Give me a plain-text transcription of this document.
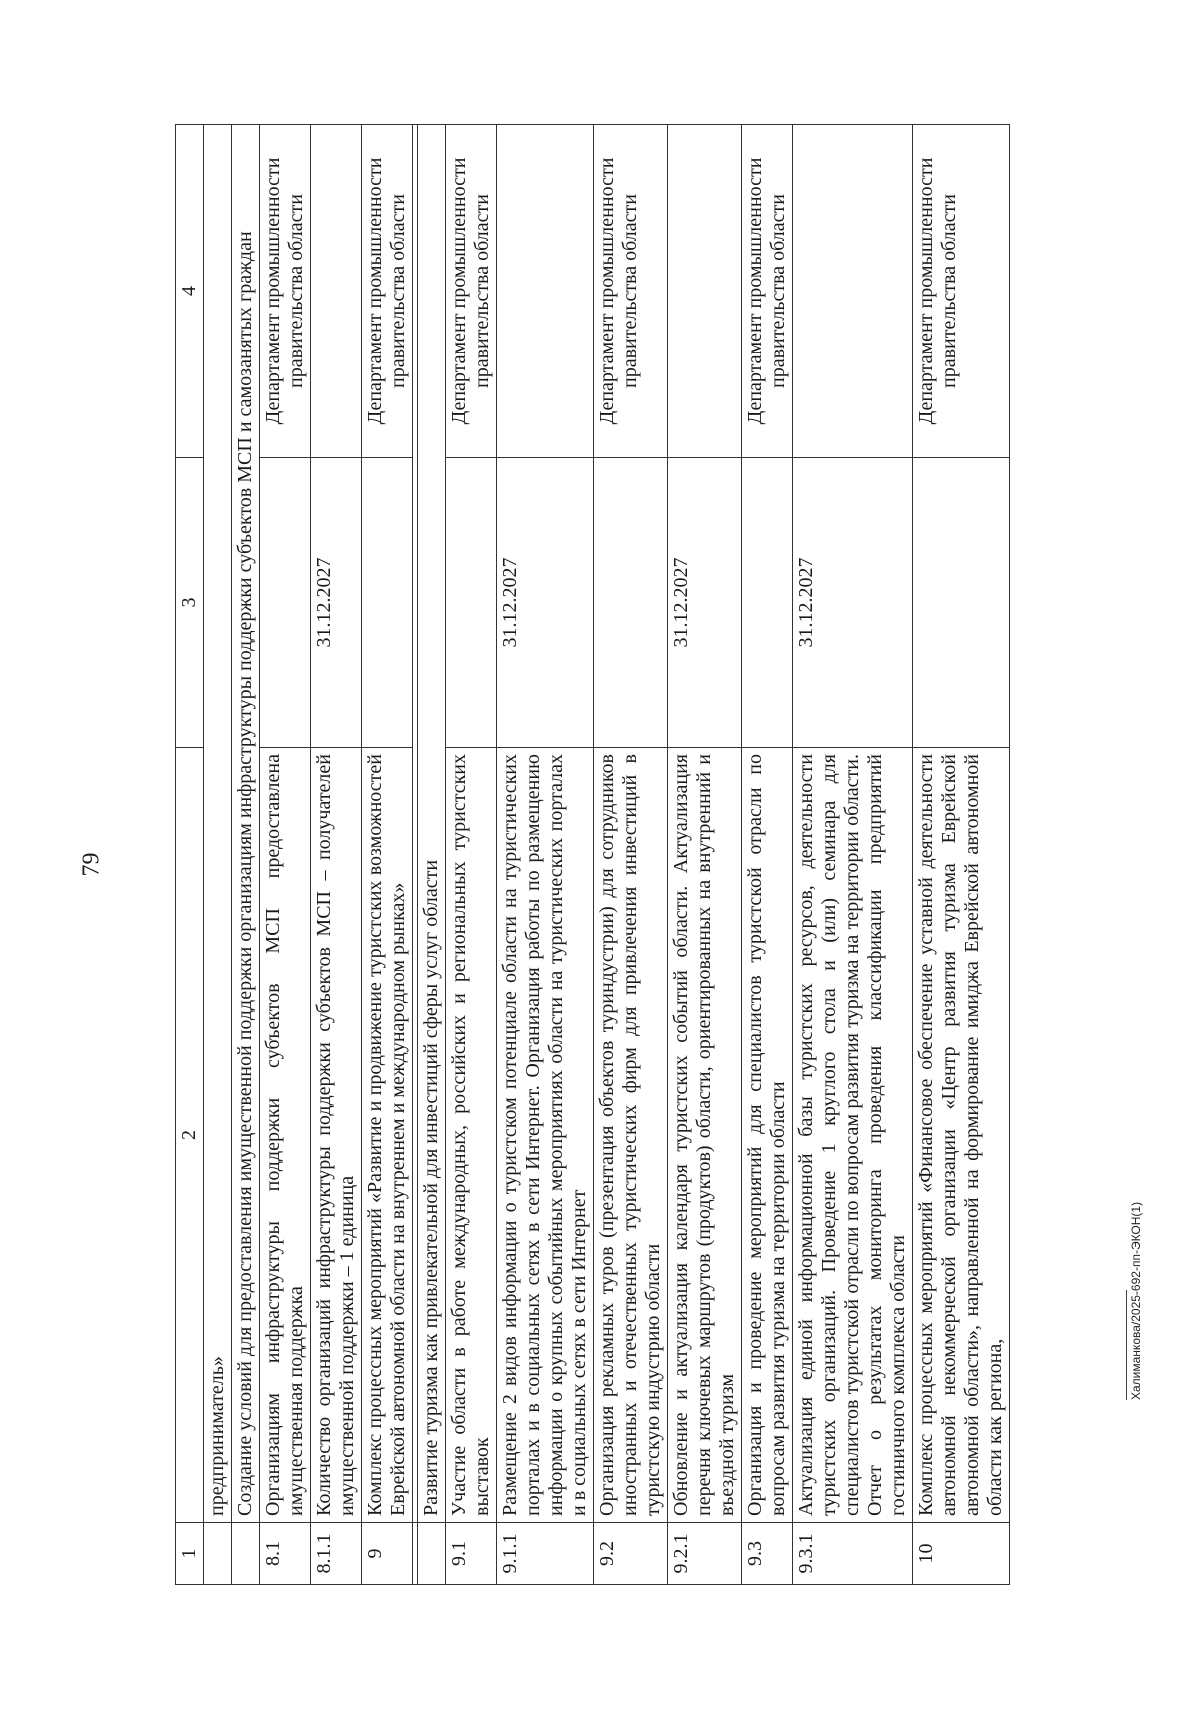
79
1	2	3	4
	предприниматель»		
	Создание условий для предоставления имущественной поддержки организациям инфраструктуры поддержки субъектов МСП и самозанятых граждан		
8.1	Организациям инфраструктуры поддержки субъектов МСП предоставлена имущественная поддержка		Департамент промышленности правительства области
8.1.1	Количество организаций инфраструктуры поддержки субъектов МСП – получателей имущественной поддержки – 1 единица	31.12.2027	
9	Комплекс процессных мероприятий «Развитие и продвижение туристских возможностей Еврейской автономной области на внутреннем и международном рынках»		Департамент промышленности правительства области

	Развитие туризма как привлекательной для инвестиций сферы услуг области		
9.1	Участие области в работе международных, российских и региональных туристских выставок		Департамент промышленности правительства области
9.1.1	Размещение 2 видов информации о туристском потенциале области на туристических порталах и в социальных сетях в сети Интернет. Организация работы по размещению информации о крупных событийных мероприятиях области на туристических порталах и в социальных сетях в сети Интернет	31.12.2027	
9.2	Организация рекламных туров (презентация объектов туриндустрии) для сотрудников иностранных и отечественных туристических фирм для привлечения инвестиций в туристскую индустрию области		Департамент промышленности правительства области
9.2.1	Обновление и актуализация календаря туристских событий области. Актуализация перечня ключевых маршрутов (продуктов) области, ориентированных на внутренний и въездной туризм	31.12.2027	
9.3	Организация и проведение мероприятий для специалистов туристской отрасли по вопросам развития туризма на территории области		Департамент промышленности правительства области
9.3.1	Актуализация единой информационной базы туристских ресурсов, деятельности туристских организаций. Проведение 1 круглого стола и (или) семинара для специалистов туристской отрасли по вопросам развития туризма на территории области. Отчет о результатах мониторинга проведения классификации предприятий гостиничного комплекса области	31.12.2027	
10	Комплекс процессных мероприятий «Финансовое обеспечение уставной деятельности автономной некоммерческой организации «Центр развития туризма Еврейской автономной области», направленной на формирование имиджа Еврейской автономной области как региона,		Департамент промышленности правительства области
Халиманкова/2025-692-пп-ЭКОН(1)
